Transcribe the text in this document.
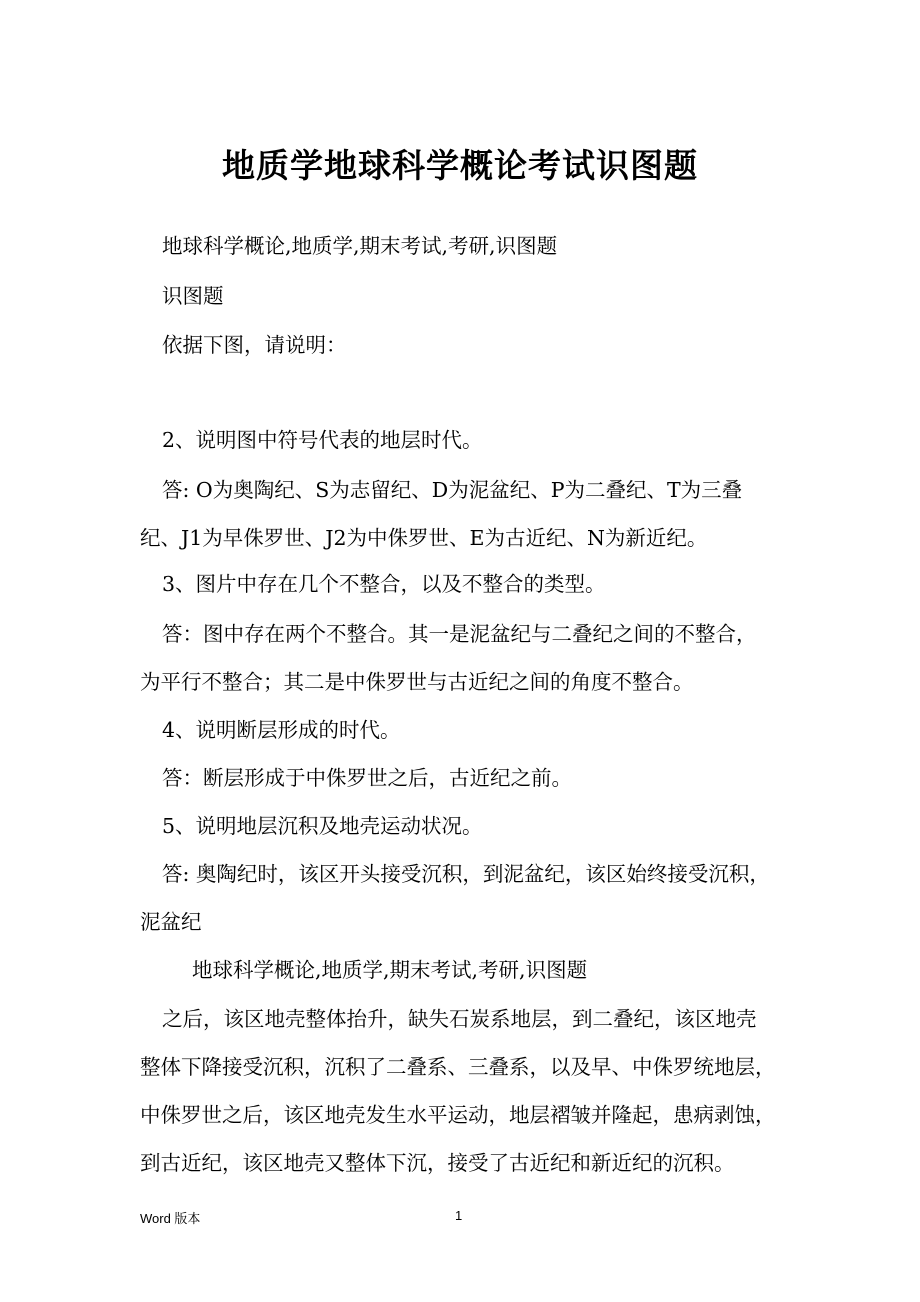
地质学地球科学概论考试识图题

地球科学概论,地质学,期末考试,考研,识图题

识图题

依据下图，请说明：

2、说明图中符号代表的地层时代。

答: O为奥陶纪、S为志留纪、D为泥盆纪、P为二叠纪、T为三叠

纪、J1为早侏罗世、J2为中侏罗世、E为古近纪、N为新近纪。

3、图片中存在几个不整合，以及不整合的类型。

答：图中存在两个不整合。其一是泥盆纪与二叠纪之间的不整合，

为平行不整合；其二是中侏罗世与古近纪之间的角度不整合。

4、说明断层形成的时代。

答：断层形成于中侏罗世之后，古近纪之前。

5、说明地层沉积及地壳运动状况。

答: 奥陶纪时，该区开头接受沉积，到泥盆纪，该区始终接受沉积，

泥盆纪

地球科学概论,地质学,期末考试,考研,识图题

之后，该区地壳整体抬升，缺失石炭系地层，到二叠纪，该区地壳

整体下降接受沉积，沉积了二叠系、三叠系，以及早、中侏罗统地层，

中侏罗世之后，该区地壳发生水平运动，地层褶皱并隆起，患病剥蚀，

到古近纪，该区地壳又整体下沉，接受了古近纪和新近纪的沉积。

Word 版本	1
